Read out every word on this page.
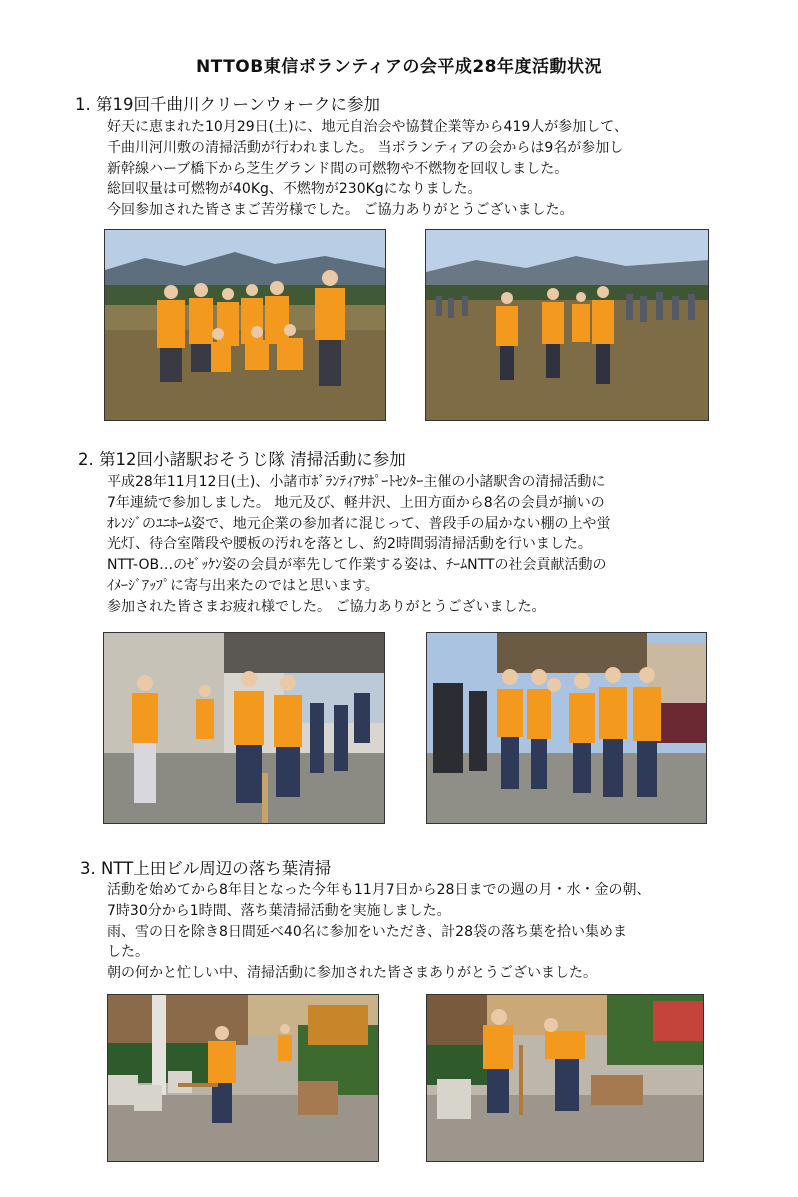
NTTOB東信ボランティアの会平成28年度活動状況
1. 第19回千曲川クリーンウォークに参加

好天に恵まれた10月29日(土)に、地元自治会や協賛企業等から419人が参加して、

千曲川河川敷の清掃活動が行われました。 当ボランティアの会からは9名が参加し

新幹線ハーブ橋下から芝生グランド間の可燃物や不燃物を回収しました。

総回収量は可燃物が40Kg、不燃物が230Kgになりました。

今回参加された皆さまご苦労様でした。 ご協力ありがとうございました。

2. 第12回小諸駅おそうじ隊 清掃活動に参加

平成28年11月12日(土)、小諸市ﾎﾞﾗﾝﾃｨｱｻﾎﾟｰﾄｾﾝﾀｰ主催の小諸駅舎の清掃活動に

7年連続で参加しました。 地元及び、軽井沢、上田方面から8名の会員が揃いの

ｵﾚﾝｼﾞのﾕﾆﾎｰﾑ姿で、地元企業の参加者に混じって、普段手の届かない棚の上や蛍

光灯、待合室階段や腰板の汚れを落とし、約2時間弱清掃活動を行いました。

NTT-OB…のｾﾞｯｹﾝ姿の会員が率先して作業する姿は、ﾁｰﾑNTTの社会貢献活動の

ｲﾒｰｼﾞｱｯﾌﾟに寄与出来たのではと思います。

参加された皆さまお疲れ様でした。 ご協力ありがとうございました。

3. NTT上田ビル周辺の落ち葉清掃

活動を始めてから8年目となった今年も11月7日から28日までの週の月・水・金の朝、

7時30分から1時間、落ち葉清掃活動を実施しました。

雨、雪の日を除き8日間延べ40名に参加をいただき、計28袋の落ち葉を拾い集めま

した。

朝の何かと忙しい中、清掃活動に参加された皆さまありがとうございました。
